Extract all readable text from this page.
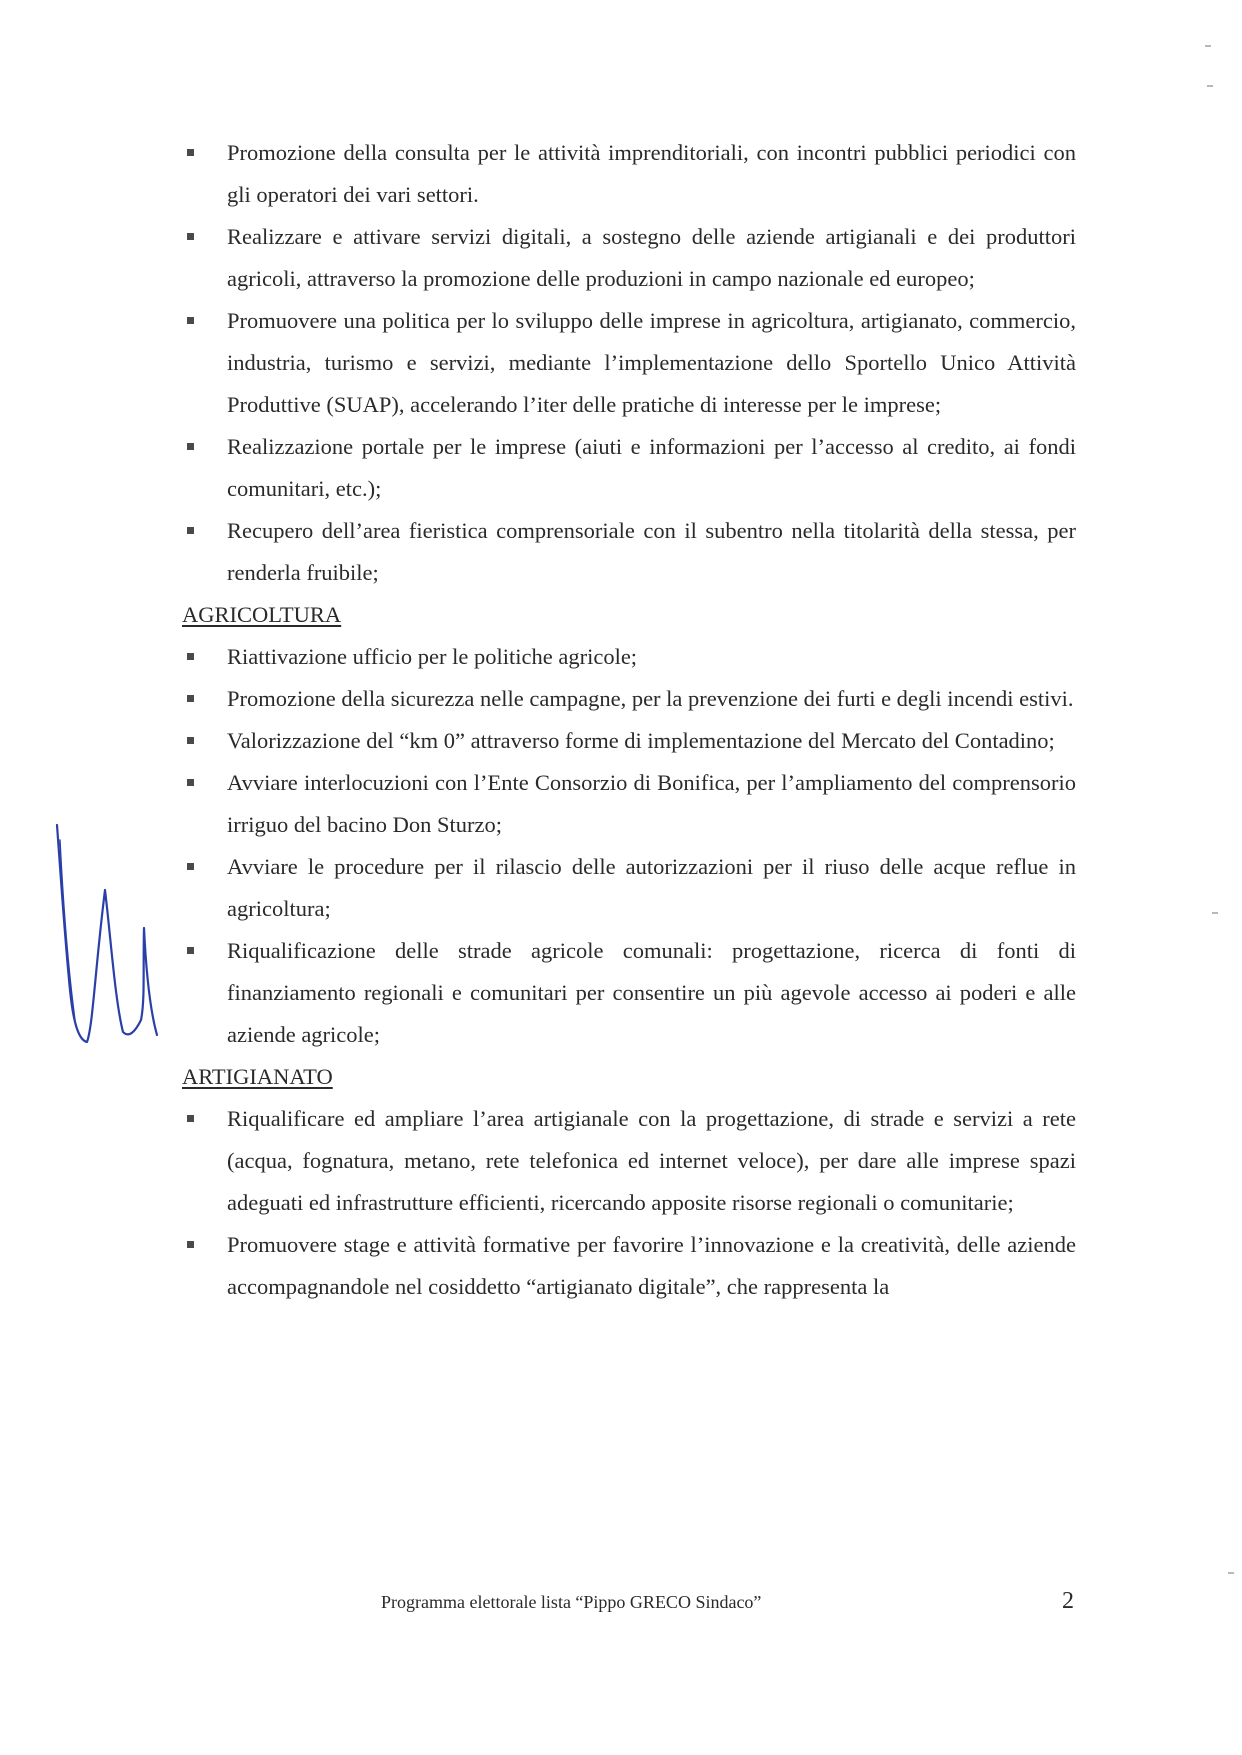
Promozione della consulta per le attività imprenditoriali, con incontri pubblici periodici con gli operatori dei vari settori.
Realizzare e attivare servizi digitali, a sostegno delle aziende artigianali e dei produttori agricoli, attraverso la promozione delle produzioni in campo nazionale ed europeo;
Promuovere una politica per lo sviluppo delle imprese in agricoltura, artigianato, commercio, industria, turismo e servizi, mediante l’implementazione dello Sportello Unico Attività Produttive (SUAP), accelerando l’iter delle pratiche di interesse per le imprese;
Realizzazione portale per le imprese (aiuti e informazioni per l’accesso al credito, ai fondi comunitari, etc.);
Recupero dell’area fieristica comprensoriale con il subentro nella titolarità della stessa, per renderla fruibile;
AGRICOLTURA
Riattivazione ufficio per le politiche agricole;
Promozione della sicurezza nelle campagne, per la prevenzione dei furti e degli incendi estivi.
Valorizzazione del “km 0” attraverso forme di implementazione del Mercato del Contadino;
Avviare interlocuzioni con l’Ente Consorzio di Bonifica, per l’ampliamento del comprensorio irriguo del bacino Don Sturzo;
Avviare le procedure per il rilascio delle autorizzazioni per il riuso delle acque reflue in agricoltura;
Riqualificazione delle strade agricole comunali: progettazione, ricerca di fonti di finanziamento regionali e comunitari per consentire un più agevole accesso ai poderi e alle aziende agricole;
ARTIGIANATO
Riqualificare ed ampliare l’area artigianale con la progettazione, di strade e servizi a rete (acqua, fognatura, metano, rete telefonica ed internet veloce), per dare alle imprese spazi adeguati ed infrastrutture efficienti, ricercando apposite risorse regionali o comunitarie;
Promuovere stage e attività formative per favorire l’innovazione e la creatività, delle aziende accompagnandole nel cosiddetto “artigianato digitale”, che rappresenta la
Programma elettorale lista “Pippo GRECO Sindaco”	2
